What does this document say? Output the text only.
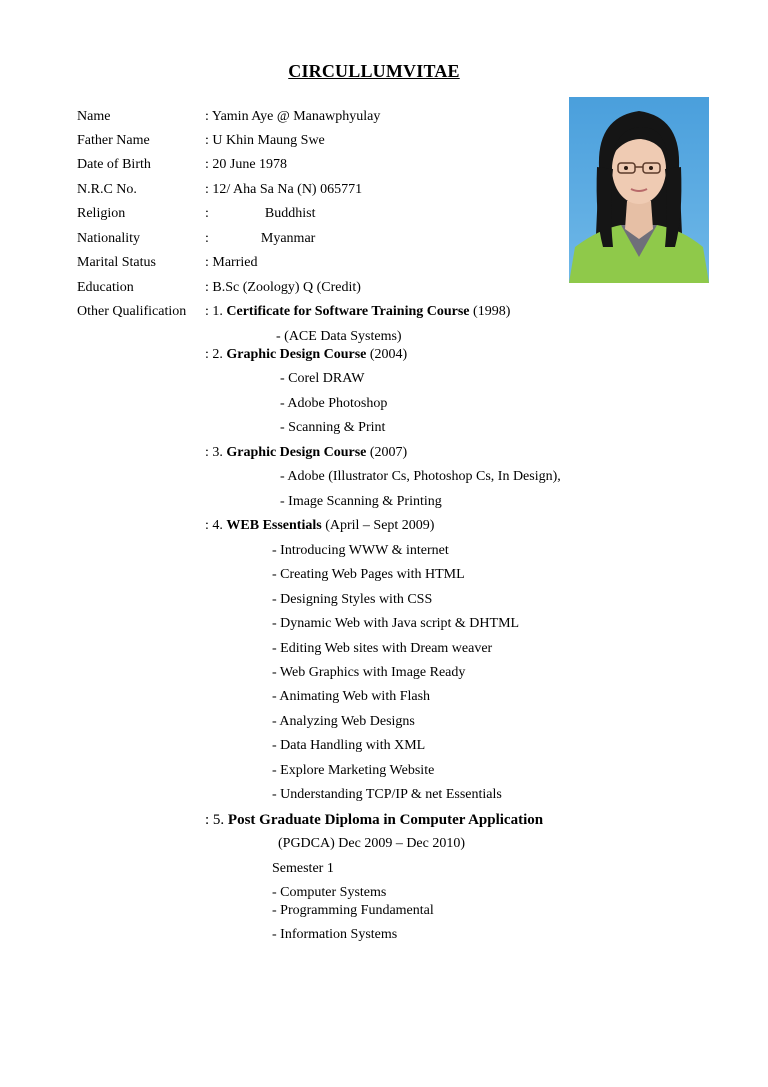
CIRCULLUMVITAE
Name	: Yamin Aye @ Manawphyulay
Father Name	: U Khin Maung Swe
Date of Birth	: 20 June 1978
N.R.C No.	: 12/ Aha Sa Na (N) 065771
Religion	:	Buddhist
Nationality	:	Myanmar
Marital Status	: Married
Education	: B.Sc (Zoology) Q (Credit)
Other Qualification : 1. Certificate for Software Training Course (1998)
- (ACE Data Systems)
: 2. Graphic Design Course (2004)
- Corel DRAW
- Adobe Photoshop
- Scanning & Print
: 3. Graphic Design Course (2007)
- Adobe (Illustrator Cs, Photoshop Cs, In Design),
- Image Scanning & Printing
: 4. WEB Essentials (April – Sept 2009)
- Introducing WWW & internet
- Creating Web Pages with HTML
- Designing Styles with CSS
- Dynamic Web with Java script & DHTML
- Editing Web sites with Dream weaver
- Web Graphics with Image Ready
- Animating Web with Flash
- Analyzing Web Designs
- Data Handling with XML
- Explore Marketing Website
- Understanding TCP/IP & net Essentials
: 5. Post Graduate Diploma in Computer Application
(PGDCA) Dec 2009 – Dec 2010)
Semester 1
- Computer Systems
- Programming Fundamental
- Information Systems
